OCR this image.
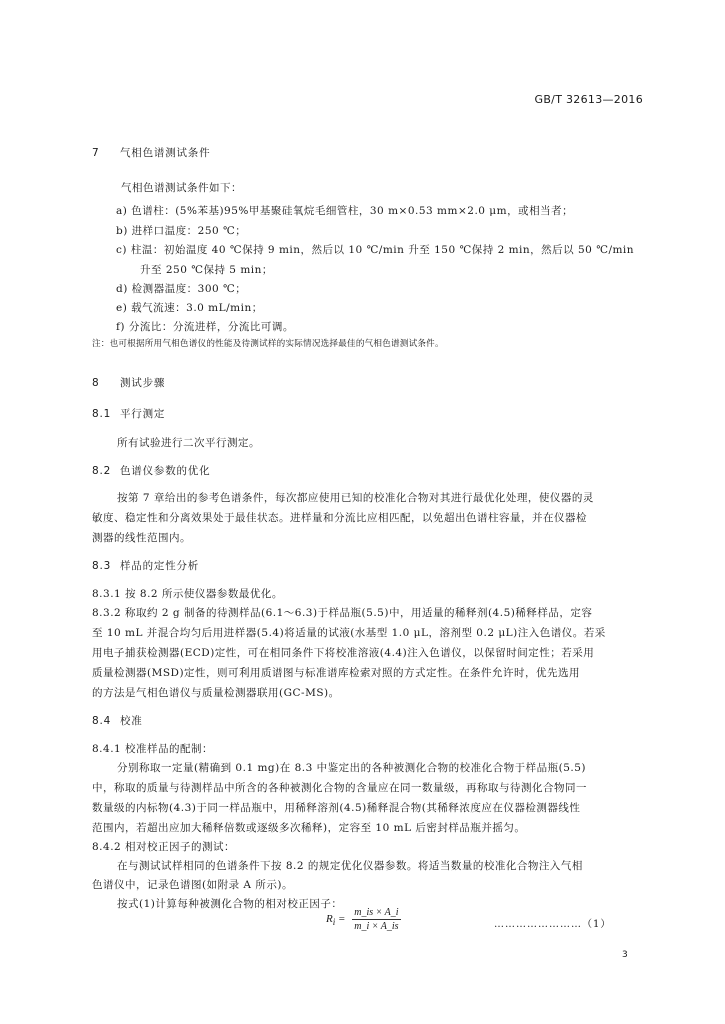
GB/T 32613—2016
7 气相色谱测试条件
气相色谱测试条件如下：
a) 色谱柱：(5%苯基)95%甲基聚硅氧烷毛细管柱，30 m×0.53 mm×2.0 μm，或相当者；
b) 进样口温度：250 ℃；
c) 柱温：初始温度 40 ℃保持 9 min，然后以 10 ℃/min 升至 150 ℃保持 2 min，然后以 50 ℃/min
升至 250 ℃保持 5 min；
d) 检测器温度：300 ℃；
e) 载气流速：3.0 mL/min；
f) 分流比：分流进样，分流比可调。
注：也可根据所用气相色谱仪的性能及待测试样的实际情况选择最佳的气相色谱测试条件。
8 测试步骤
8.1 平行测定
所有试验进行二次平行测定。
8.2 色谱仪参数的优化
按第 7 章给出的参考色谱条件，每次都应使用已知的校准化合物对其进行最优化处理，使仪器的灵
敏度、稳定性和分离效果处于最佳状态。进样量和分流比应相匹配，以免超出色谱柱容量，并在仪器检
测器的线性范围内。
8.3 样品的定性分析
8.3.1 按 8.2 所示使仪器参数最优化。
8.3.2 称取约 2 g 制备的待测样品(6.1～6.3)于样品瓶(5.5)中，用适量的稀释剂(4.5)稀释样品，定容
至 10 mL 并混合均匀后用进样器(5.4)将适量的试液(水基型 1.0 μL，溶剂型 0.2 μL)注入色谱仪。若采
用电子捕获检测器(ECD)定性，可在相同条件下将校准溶液(4.4)注入色谱仪，以保留时间定性；若采用
质量检测器(MSD)定性，则可利用质谱图与标准谱库检索对照的方式定性。在条件允许时，优先选用
的方法是气相色谱仪与质量检测器联用(GC-MS)。
8.4 校准
8.4.1 校准样品的配制：
分别称取一定量(精确到 0.1 mg)在 8.3 中鉴定出的各种被测化合物的校准化合物于样品瓶(5.5)
中，称取的质量与待测样品中所含的各种被测化合物的含量应在同一数量级，再称取与待测化合物同一
数量级的内标物(4.3)于同一样品瓶中，用稀释溶剂(4.5)稀释混合物(其稀释浓度应在仪器检测器线性
范围内，若超出应加大稀释倍数或逐级多次稀释)，定容至 10 mL 后密封样品瓶并摇匀。
8.4.2 相对校正因子的测试：
在与测试试样相同的色谱条件下按 8.2 的规定优化仪器参数。将适当数量的校准化合物注入气相
色谱仪中，记录色谱图(如附录 A 所示)。
按式(1)计算每种被测化合物的相对校正因子：
$R_i = \frac{m\_is \times A\_i}{m\_i \times A\_is}$	……………………（1）
3
